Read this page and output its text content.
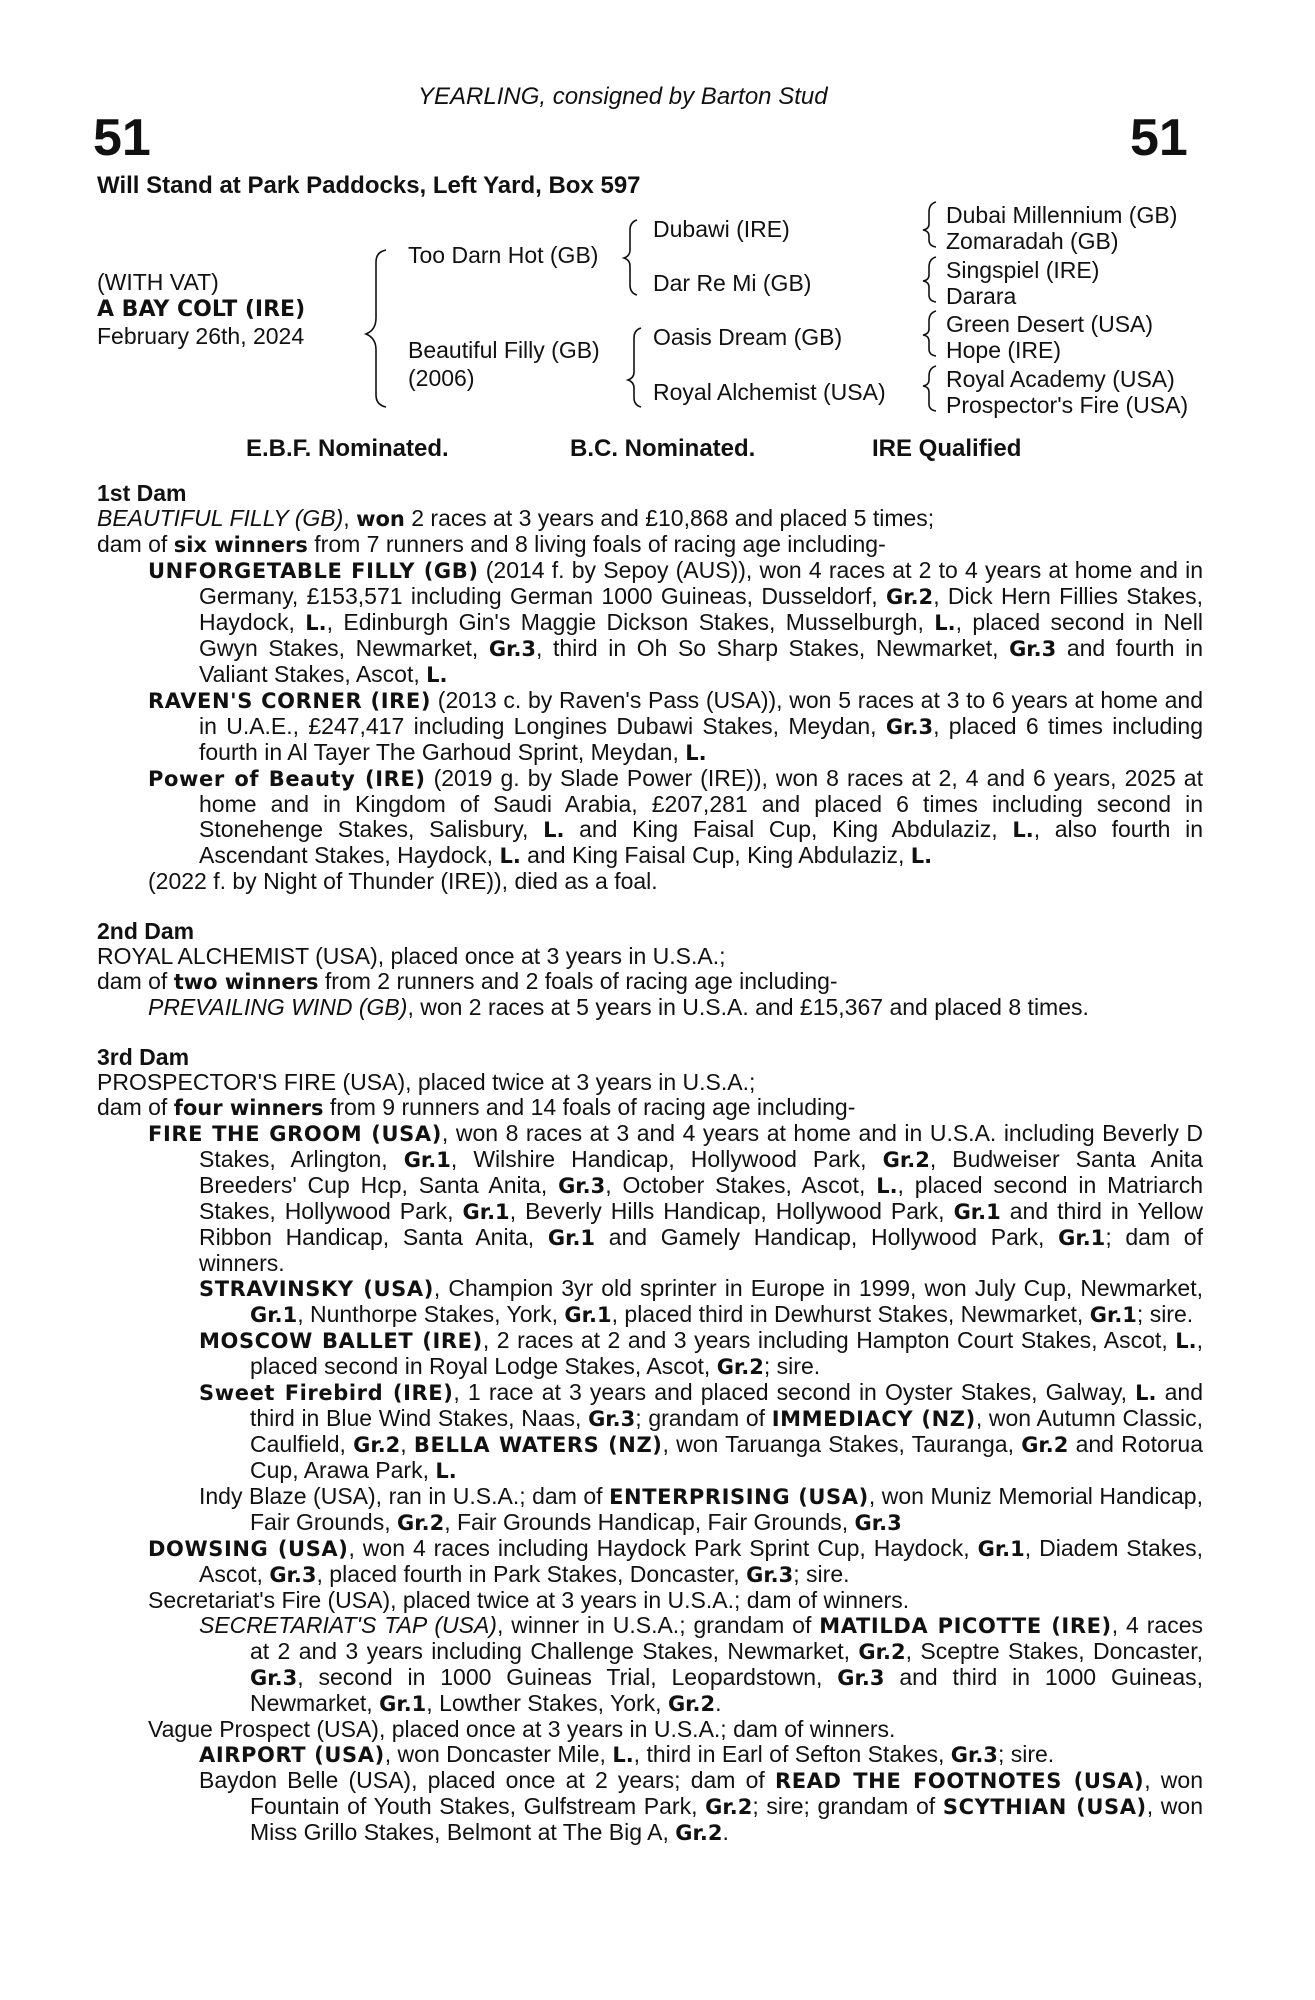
51	51
YEARLING, consigned by Barton Stud
Will Stand at Park Paddocks, Left Yard, Box 597
(WITH VAT)
A BAY COLT (IRE)
February 26th, 2024
Too Darn Hot (GB)
Beautiful Filly (GB)
(2006)
Dubawi (IRE)
Dar Re Mi (GB)
Oasis Dream (GB)
Royal Alchemist (USA)
Dubai Millennium (GB)
Zomaradah (GB)
Singspiel (IRE)
Darara
Green Desert (USA)
Hope (IRE)
Royal Academy (USA)
Prospector's Fire (USA)
E.B.F. Nominated.	B.C. Nominated.	IRE Qualified

1st Dam

BEAUTIFUL FILLY (GB), won 2 races at 3 years and £10,868 and placed 5 times;

dam of six winners from 7 runners and 8 living foals of racing age including-

UNFORGETABLE FILLY (GB) (2014 f. by Sepoy (AUS)), won 4 races at 2 to 4 years at home and in Germany, £153,571 including German 1000 Guineas, Dusseldorf, Gr.2, Dick Hern Fillies Stakes, Haydock, L., Edinburgh Gin's Maggie Dickson Stakes, Musselburgh, L., placed second in Nell Gwyn Stakes, Newmarket, Gr.3, third in Oh So Sharp Stakes, Newmarket, Gr.3 and fourth in Valiant Stakes, Ascot, L.

RAVEN'S CORNER (IRE) (2013 c. by Raven's Pass (USA)), won 5 races at 3 to 6 years at home and in U.A.E., £247,417 including Longines Dubawi Stakes, Meydan, Gr.3, placed 6 times including fourth in Al Tayer The Garhoud Sprint, Meydan, L.

Power of Beauty (IRE) (2019 g. by Slade Power (IRE)), won 8 races at 2, 4 and 6 years, 2025 at home and in Kingdom of Saudi Arabia, £207,281 and placed 6 times including second in Stonehenge Stakes, Salisbury, L. and King Faisal Cup, King Abdulaziz, L., also fourth in Ascendant Stakes, Haydock, L. and King Faisal Cup, King Abdulaziz, L.

(2022 f. by Night of Thunder (IRE)), died as a foal.

2nd Dam

ROYAL ALCHEMIST (USA), placed once at 3 years in U.S.A.;

dam of two winners from 2 runners and 2 foals of racing age including-

PREVAILING WIND (GB), won 2 races at 5 years in U.S.A. and £15,367 and placed 8 times.

3rd Dam

PROSPECTOR'S FIRE (USA), placed twice at 3 years in U.S.A.;

dam of four winners from 9 runners and 14 foals of racing age including-

FIRE THE GROOM (USA), won 8 races at 3 and 4 years at home and in U.S.A. including Beverly D Stakes, Arlington, Gr.1, Wilshire Handicap, Hollywood Park, Gr.2, Budweiser Santa Anita Breeders' Cup Hcp, Santa Anita, Gr.3, October Stakes, Ascot, L., placed second in Matriarch Stakes, Hollywood Park, Gr.1, Beverly Hills Handicap, Hollywood Park, Gr.1 and third in Yellow Ribbon Handicap, Santa Anita, Gr.1 and Gamely Handicap, Hollywood Park, Gr.1; dam of winners.

STRAVINSKY (USA), Champion 3yr old sprinter in Europe in 1999, won July Cup, Newmarket, Gr.1, Nunthorpe Stakes, York, Gr.1, placed third in Dewhurst Stakes, Newmarket, Gr.1; sire.

MOSCOW BALLET (IRE), 2 races at 2 and 3 years including Hampton Court Stakes, Ascot, L., placed second in Royal Lodge Stakes, Ascot, Gr.2; sire.

Sweet Firebird (IRE), 1 race at 3 years and placed second in Oyster Stakes, Galway, L. and third in Blue Wind Stakes, Naas, Gr.3; grandam of IMMEDIACY (NZ), won Autumn Classic, Caulfield, Gr.2, BELLA WATERS (NZ), won Taruanga Stakes, Tauranga, Gr.2 and Rotorua Cup, Arawa Park, L.

Indy Blaze (USA), ran in U.S.A.; dam of ENTERPRISING (USA), won Muniz Memorial Handicap, Fair Grounds, Gr.2, Fair Grounds Handicap, Fair Grounds, Gr.3

DOWSING (USA), won 4 races including Haydock Park Sprint Cup, Haydock, Gr.1, Diadem Stakes, Ascot, Gr.3, placed fourth in Park Stakes, Doncaster, Gr.3; sire.

Secretariat's Fire (USA), placed twice at 3 years in U.S.A.; dam of winners.

SECRETARIAT'S TAP (USA), winner in U.S.A.; grandam of MATILDA PICOTTE (IRE), 4 races at 2 and 3 years including Challenge Stakes, Newmarket, Gr.2, Sceptre Stakes, Doncaster, Gr.3, second in 1000 Guineas Trial, Leopardstown, Gr.3 and third in 1000 Guineas, Newmarket, Gr.1, Lowther Stakes, York, Gr.2.

Vague Prospect (USA), placed once at 3 years in U.S.A.; dam of winners.

AIRPORT (USA), won Doncaster Mile, L., third in Earl of Sefton Stakes, Gr.3; sire.

Baydon Belle (USA), placed once at 2 years; dam of READ THE FOOTNOTES (USA), won Fountain of Youth Stakes, Gulfstream Park, Gr.2; sire; grandam of SCYTHIAN (USA), won Miss Grillo Stakes, Belmont at The Big A, Gr.2.
